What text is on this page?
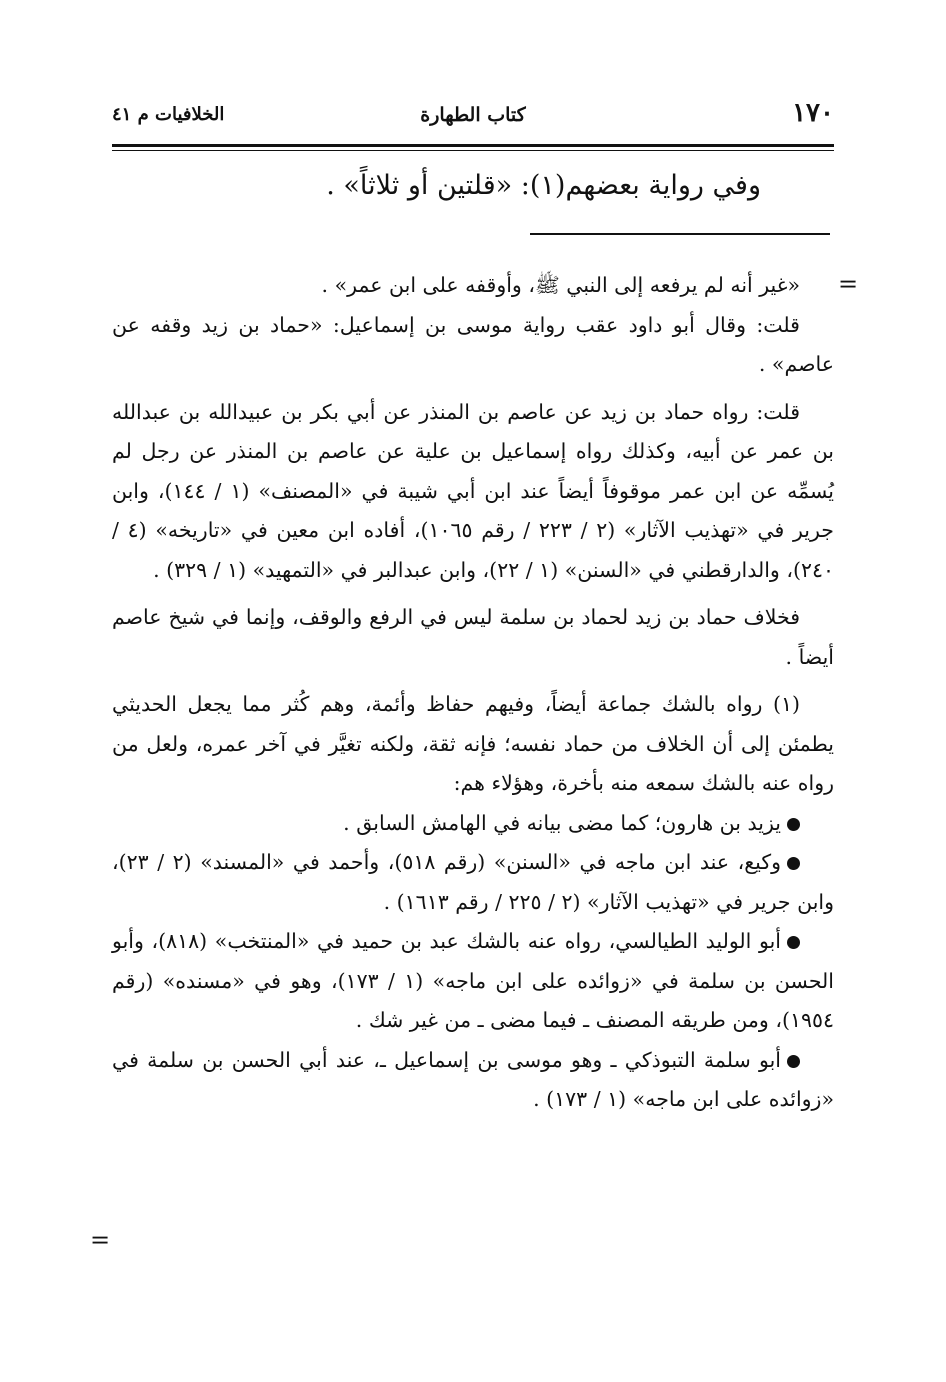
١٧٠
كتاب الطهارة
الخلافيات م ٤١
وفي رواية بعضهم(١): «قلتين أو ثلاثاً» .
=

«غير أنه لم يرفعه إلى النبي ﷺ، وأوقفه على ابن عمر» .

قلت: وقال أبو داود عقب رواية موسى بن إسماعيل: «حماد بن زيد وقفه عن عاصم» .

قلت: رواه حماد بن زيد عن عاصم بن المنذر عن أبي بكر بن عبيدالله بن عبدالله بن عمر عن أبيه، وكذلك رواه إسماعيل بن علية عن عاصم بن المنذر عن رجل لم يُسمِّه عن ابن عمر موقوفاً أيضاً عند ابن أبي شيبة في «المصنف» (١ / ١٤٤)، وابن جرير في «تهذيب الآثار» (٢ / ٢٢٣ / رقم ١٠٦٥)، أفاده ابن معين في «تاريخه» (٤ / ٢٤٠)، والدارقطني في «السنن» (١ / ٢٢)، وابن عبدالبر في «التمهيد» (١ / ٣٢٩) .

فخلاف حماد بن زيد لحماد بن سلمة ليس في الرفع والوقف، وإنما في شيخ عاصم أيضاً .

(١) رواه بالشك جماعة أيضاً، وفيهم حفاظ وأئمة، وهم كُثر مما يجعل الحديثي يطمئن إلى أن الخلاف من حماد نفسه؛ فإنه ثقة، ولكنه تغيَّر في آخر عمره، ولعل من رواه عنه بالشك سمعه منه بأخرة، وهؤلاء هم:

يزيد بن هارون؛ كما مضى بيانه في الهامش السابق .

وكيع، عند ابن ماجه في «السنن» (رقم ٥١٨)، وأحمد في «المسند» (٢ / ٢٣)، وابن جرير في «تهذيب الآثار» (٢ / ٢٢٥ / رقم ١٦١٣) .

أبو الوليد الطيالسي، رواه عنه بالشك عبد بن حميد في «المنتخب» (٨١٨)، وأبو الحسن بن سلمة في «زوائده على ابن ماجه» (١ / ١٧٣)، وهو في «مسنده» (رقم ١٩٥٤)، ومن طريقه المصنف ـ فيما مضى ـ من غير شك .

أبو سلمة التبوذكي ـ وهو موسى بن إسماعيل ـ، عند أبي الحسن بن سلمة في «زوائده على ابن ماجه» (١ / ١٧٣) .

=
